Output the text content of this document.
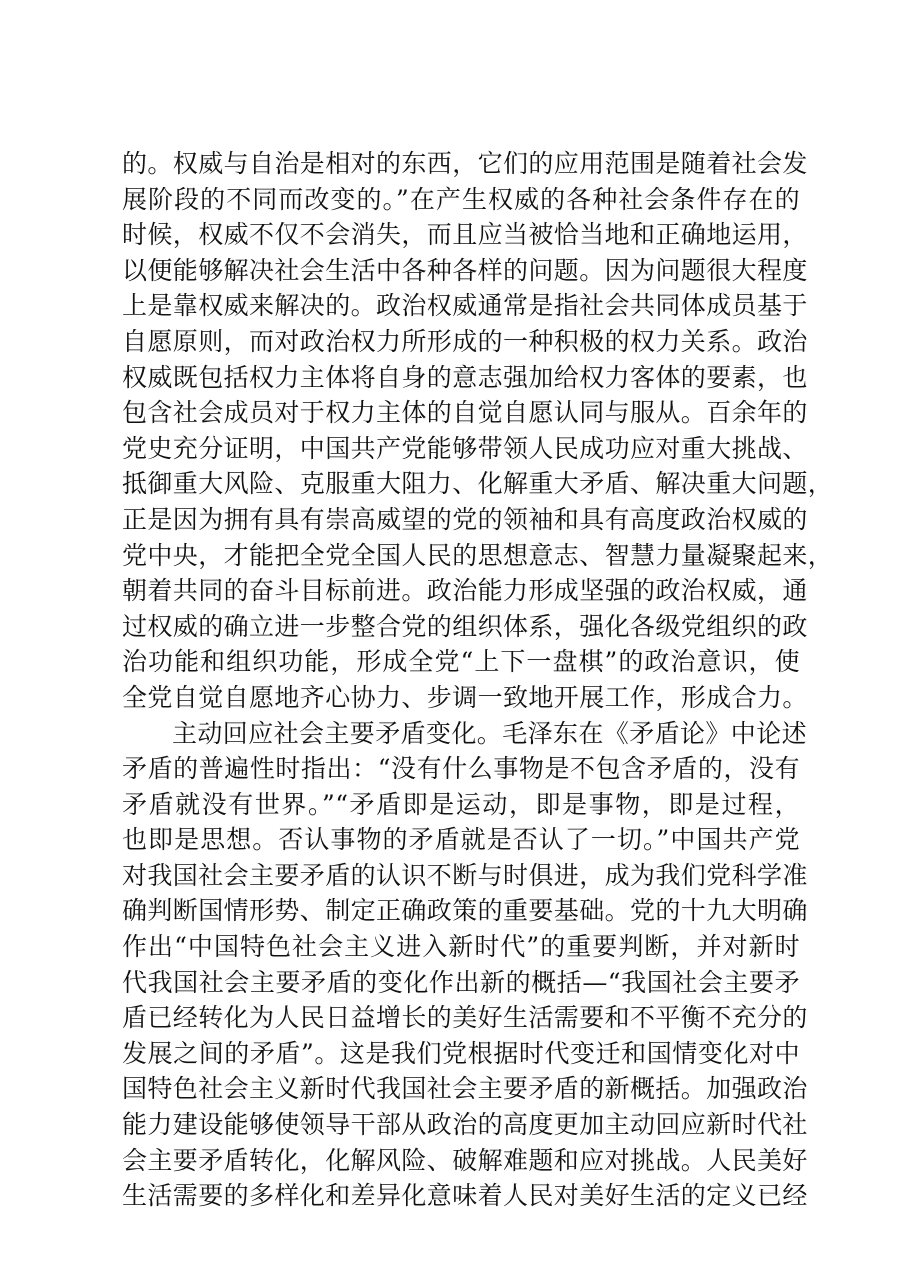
的。权威与自治是相对的东西，它们的应用范围是随着社会发
展阶段的不同而改变的。”在产生权威的各种社会条件存在的
时候，权威不仅不会消失，而且应当被恰当地和正确地运用，
以便能够解决社会生活中各种各样的问题。因为问题很大程度
上是靠权威来解决的。政治权威通常是指社会共同体成员基于
自愿原则，而对政治权力所形成的一种积极的权力关系。政治
权威既包括权力主体将自身的意志强加给权力客体的要素，也
包含社会成员对于权力主体的自觉自愿认同与服从。百余年的
党史充分证明，中国共产党能够带领人民成功应对重大挑战、
抵御重大风险、克服重大阻力、化解重大矛盾、解决重大问题，
正是因为拥有具有崇高威望的党的领袖和具有高度政治权威的
党中央，才能把全党全国人民的思想意志、智慧力量凝聚起来，
朝着共同的奋斗目标前进。政治能力形成坚强的政治权威，通
过权威的确立进一步整合党的组织体系，强化各级党组织的政
治功能和组织功能，形成全党“上下一盘棋”的政治意识，使
全党自觉自愿地齐心协力、步调一致地开展工作，形成合力。
主动回应社会主要矛盾变化。毛泽东在《矛盾论》中论述
矛盾的普遍性时指出：“没有什么事物是不包含矛盾的，没有
矛盾就没有世界。”“矛盾即是运动，即是事物，即是过程，
也即是思想。否认事物的矛盾就是否认了一切。”中国共产党
对我国社会主要矛盾的认识不断与时俱进，成为我们党科学准
确判断国情形势、制定正确政策的重要基础。党的十九大明确
作出“中国特色社会主义进入新时代”的重要判断，并对新时
代我国社会主要矛盾的变化作出新的概括—“我国社会主要矛
盾已经转化为人民日益增长的美好生活需要和不平衡不充分的
发展之间的矛盾”。这是我们党根据时代变迁和国情变化对中
国特色社会主义新时代我国社会主要矛盾的新概括。加强政治
能力建设能够使领导干部从政治的高度更加主动回应新时代社
会主要矛盾转化，化解风险、破解难题和应对挑战。人民美好
生活需要的多样化和差异化意味着人民对美好生活的定义已经
